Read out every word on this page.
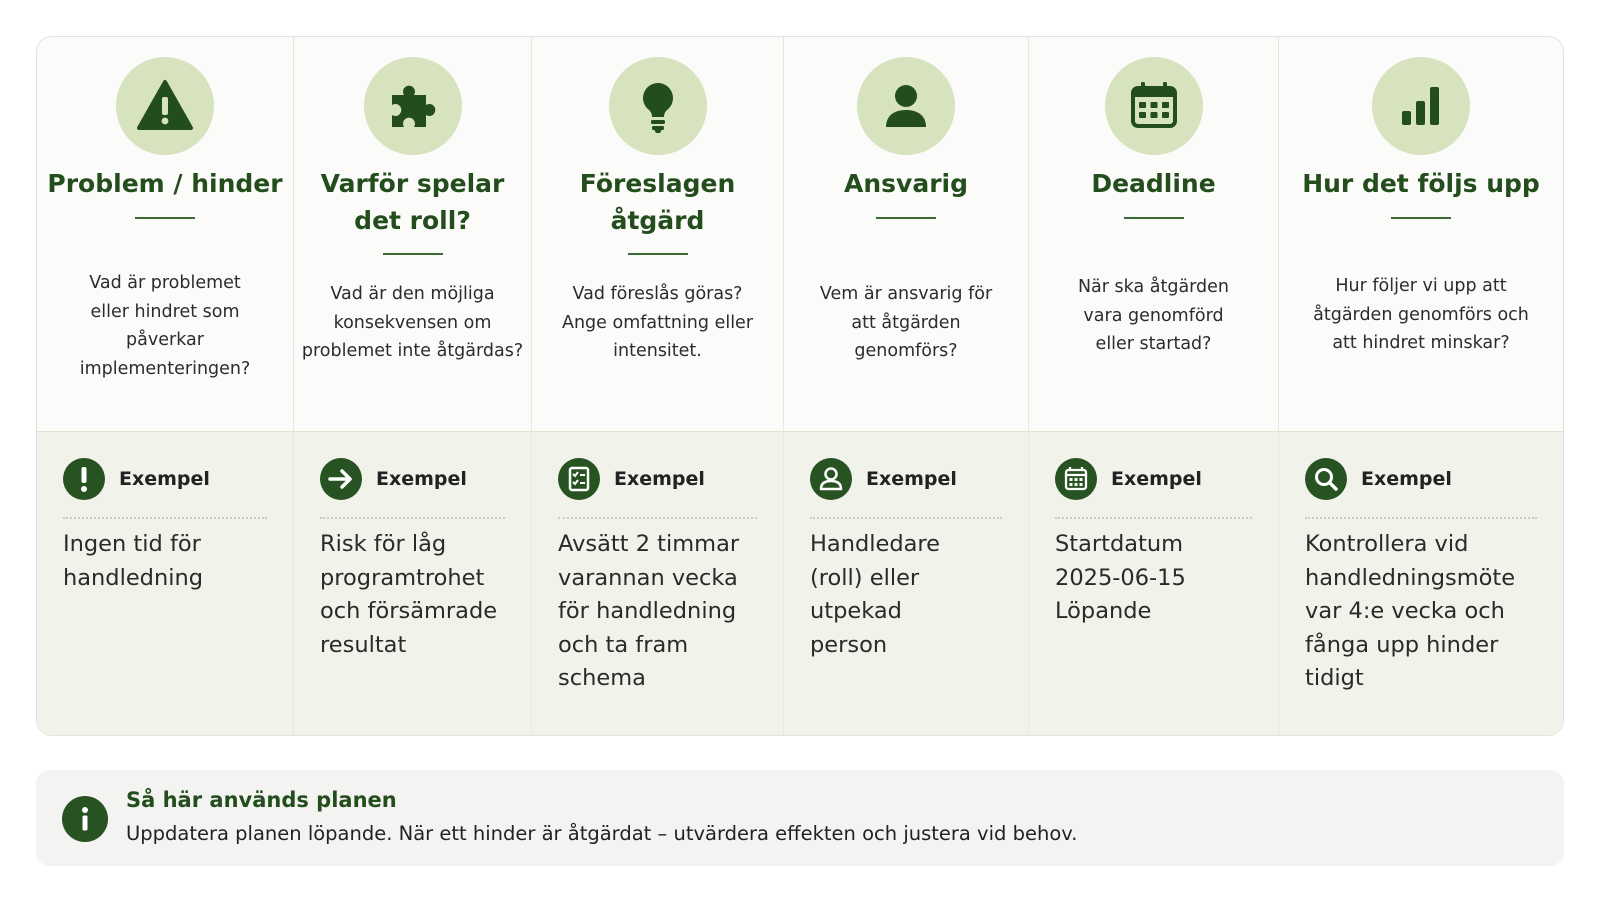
Problem / hinder
Vad är problemet
eller hindret som
påverkar implementeringen?
Exempel
Ingen tid för
handledning
Varför spelar det roll?
Vad är den möjliga
konsekvensen om
problemet inte åtgärdas?
Exempel
Risk för låg
programtrohet
och försämrade
resultat
Föreslagen åtgärd
Vad föreslås göras?
Ange omfattning eller
intensitet.
Exempel
Avsätt 2 timmar
varannan vecka
för handledning
och ta fram
schema
Ansvarig
Vem är ansvarig för
att åtgärden
genomförs?
Exempel
Handledare
(roll) eller
utpekad
person
Deadline
När ska åtgärden
vara genomförd
eller startad?
Exempel
Startdatum
2025-06-15
Löpande
Hur det följs upp
Hur följer vi upp att
åtgärden genomförs och
att hindret minskar?
Exempel
Kontrollera vid
handledningsmöte
var 4:e vecka och
fånga upp hinder
tidigt
Så här används planen
Uppdatera planen löpande. När ett hinder är åtgärdat – utvärdera effekten och justera vid behov.
